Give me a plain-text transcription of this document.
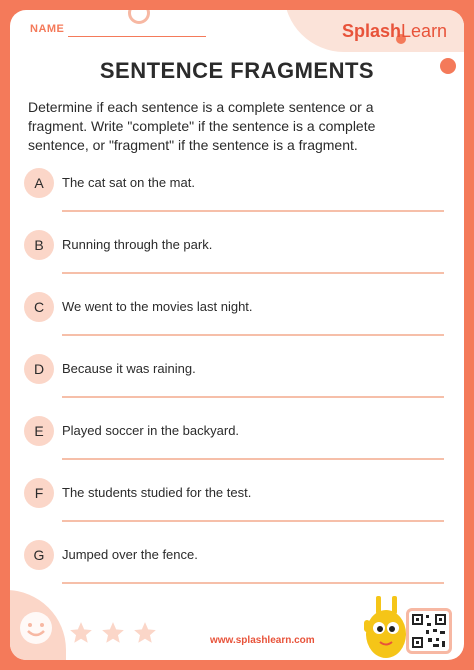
NAME	SplashLearn
SENTENCE FRAGMENTS
Determine if each sentence is a complete sentence or a fragment. Write "complete" if the sentence is a complete sentence, or "fragment" if the sentence is a fragment.
A	The cat sat on the mat.
B	Running through the park.
C	We went to the movies last night.
D	Because it was raining.
E	Played soccer in the backyard.
F	The students studied for the test.
G	Jumped over the fence.
www.splashlearn.com
